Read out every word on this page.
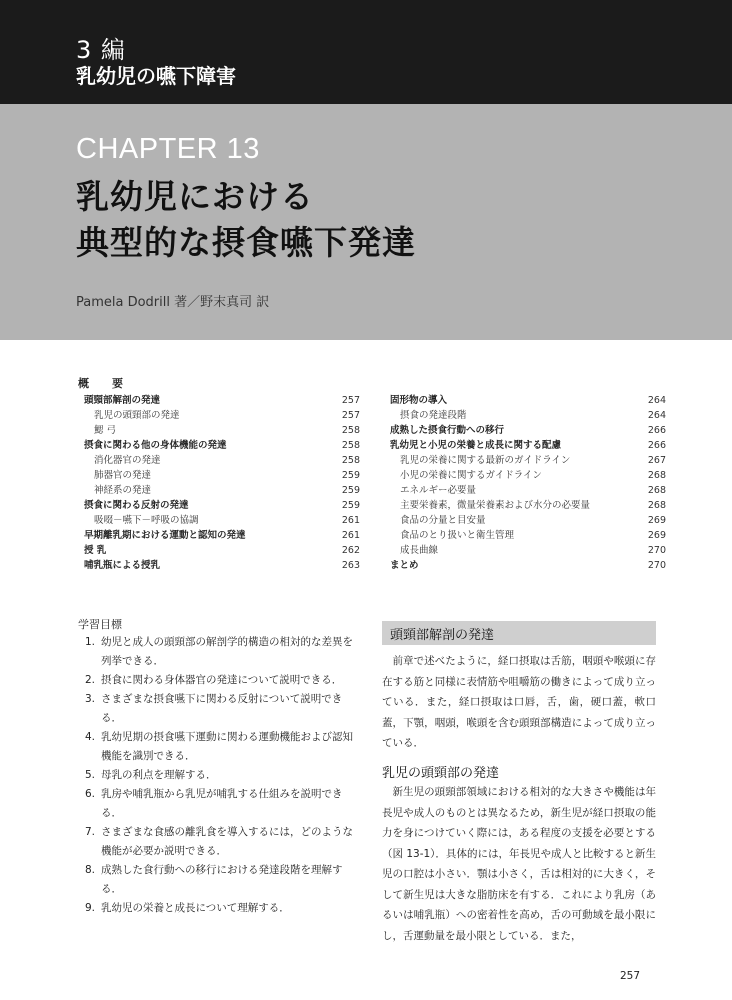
3 編
乳幼児の嚥下障害
CHAPTER 13
乳幼児における
典型的な摂食嚥下発達
Pamela Dodrill 著／野末真司 訳
概　要
頭頸部解剖の発達	257
乳児の頭頸部の発達	257
鰓 弓	258
摂食に関わる他の身体機能の発達	258
消化器官の発達	258
肺器官の発達	259
神経系の発達	259
摂食に関わる反射の発達	259
吸啜－嚥下－呼吸の協調	261
早期離乳期における運動と認知の発達	261
授 乳	262
哺乳瓶による授乳	263
固形物の導入	264
摂食の発達段階	264
成熟した摂食行動への移行	266
乳幼児と小児の栄養と成長に関する配慮	266
乳児の栄養に関する最新のガイドライン	267
小児の栄養に関するガイドライン	268
エネルギー必要量	268
主要栄養素，微量栄養素および水分の必要量	268
食品の分量と目安量	269
食品のとり扱いと衛生管理	269
成長曲線	270
まとめ	270
学習目標
1. 幼児と成人の頭頸部の解剖学的構造の相対的な差異を列挙できる．
2. 摂食に関わる身体器官の発達について説明できる．
3. さまざまな摂食嚥下に関わる反射について説明できる．
4. 乳幼児期の摂食嚥下運動に関わる運動機能および認知機能を識別できる．
5. 母乳の利点を理解する．
6. 乳房や哺乳瓶から乳児が哺乳する仕組みを説明できる．
7. さまざまな食感の離乳食を導入するには，どのような機能が必要か説明できる．
8. 成熟した食行動への移行における発達段階を理解する．
9. 乳幼児の栄養と成長について理解する．
頭頸部解剖の発達

前章で述べたように，経口摂取は舌筋，咽頭や喉頭に存在する筋と同様に表情筋や咀嚼筋の働きによって成り立っている．また，経口摂取は口唇，舌，歯，硬口蓋，軟口蓋，下顎，咽頭，喉頭を含む頭頸部構造によって成り立っている．

乳児の頭頸部の発達

新生児の頭頸部領域における相対的な大きさや機能は年長児や成人のものとは異なるため，新生児が経口摂取の能力を身につけていく際には，ある程度の支援を必要とする（図 13-1）．具体的には，年長児や成人と比較すると新生児の口腔は小さい．顎は小さく，舌は相対的に大きく，そして新生児は大きな脂肪床を有する．これにより乳房（あるいは哺乳瓶）への密着性を高め，舌の可動域を最小限にし，舌運動量を最小限としている．また，

257
